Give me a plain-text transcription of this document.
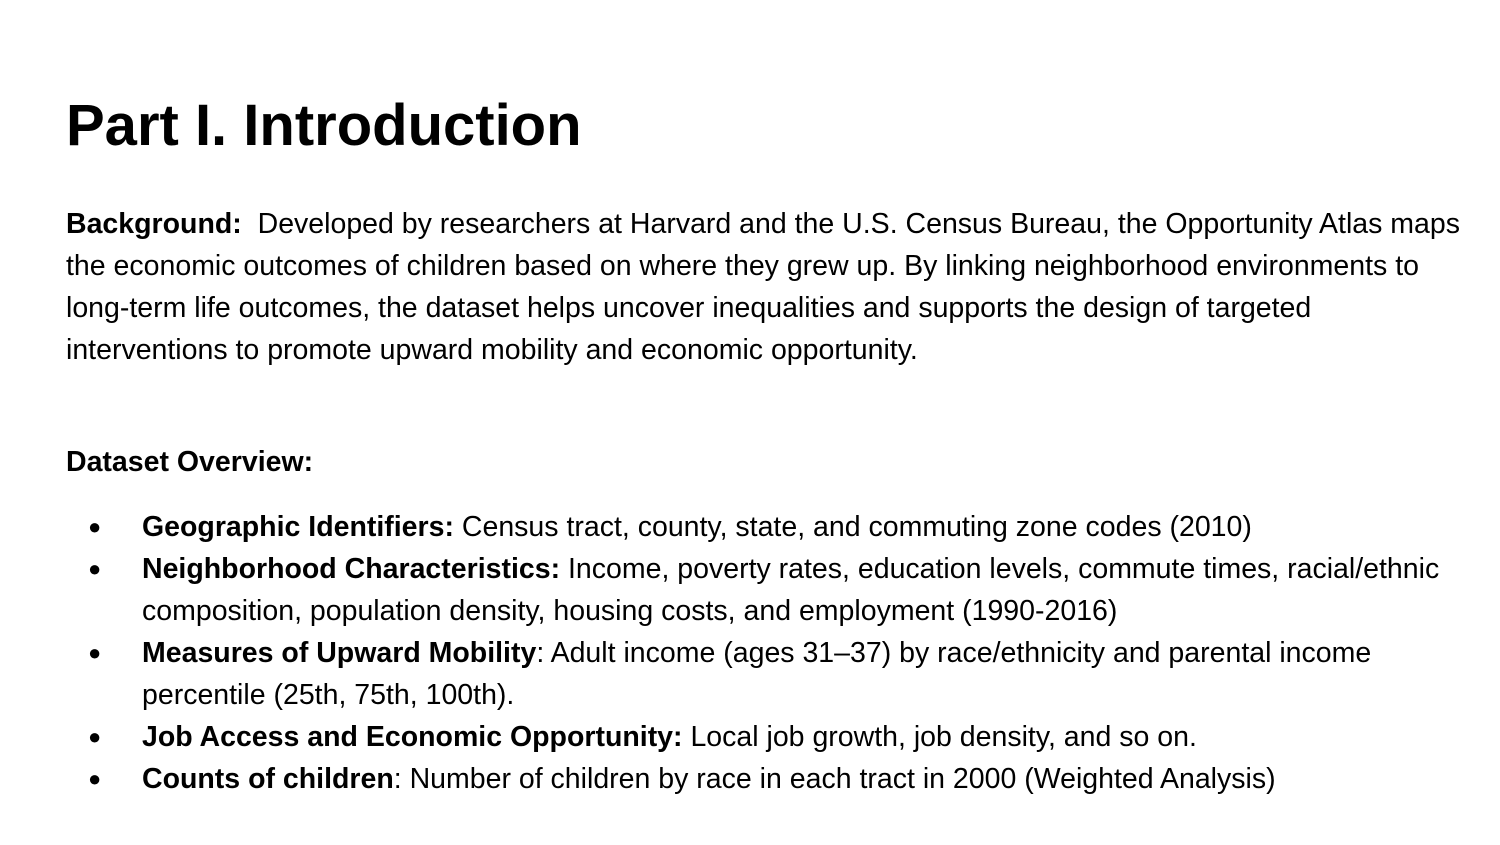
Part I. Introduction

Background: Developed by researchers at Harvard and the U.S. Census Bureau, the Opportunity Atlas maps the economic outcomes of children based on where they grew up. By linking neighborhood environments to long-term life outcomes, the dataset helps uncover inequalities and supports the design of targeted interventions to promote upward mobility and economic opportunity.

Dataset Overview:

● Geographic Identifiers: Census tract, county, state, and commuting zone codes (2010)
● Neighborhood Characteristics: Income, poverty rates, education levels, commute times, racial/ethnic composition, population density, housing costs, and employment (1990-2016)
● Measures of Upward Mobility: Adult income (ages 31–37) by race/ethnicity and parental income percentile (25th, 75th, 100th).
● Job Access and Economic Opportunity: Local job growth, job density, and so on.
● Counts of children: Number of children by race in each tract in 2000 (Weighted Analysis)
